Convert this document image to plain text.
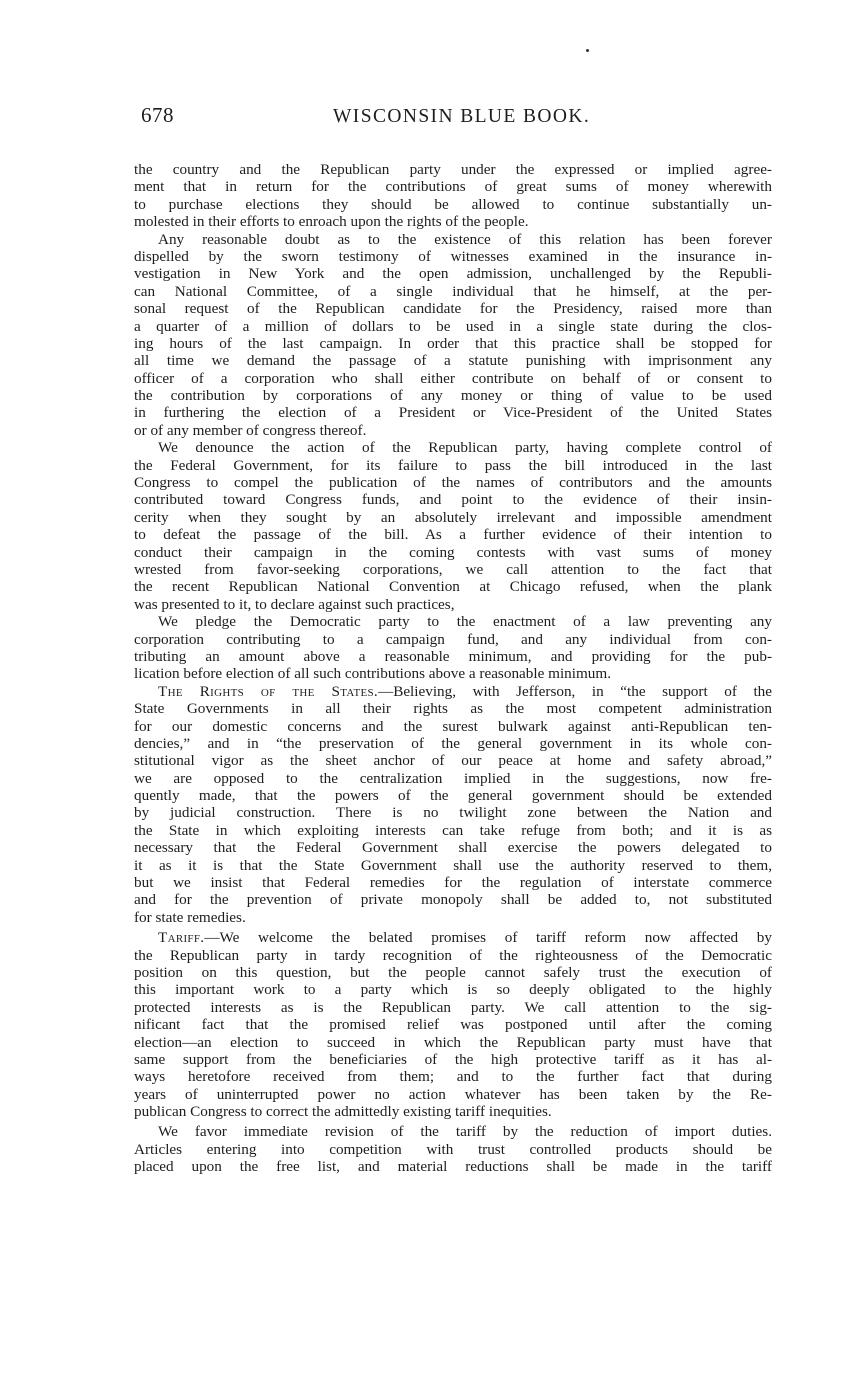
678	WISCONSIN BLUE BOOK.
the country and the Republican party under the expressed or implied agree-
ment that in return for the contributions of great sums of money wherewith
to purchase elections they should be allowed to continue substantially un-
molested in their efforts to enroach upon the rights of the people.
Any reasonable doubt as to the existence of this relation has been forever
dispelled by the sworn testimony of witnesses examined in the insurance in-
vestigation in New York and the open admission, unchallenged by the Republi-
can National Committee, of a single individual that he himself, at the per-
sonal request of the Republican candidate for the Presidency, raised more than
a quarter of a million of dollars to be used in a single state during the clos-
ing hours of the last campaign. In order that this practice shall be stopped for
all time we demand the passage of a statute punishing with imprisonment any
officer of a corporation who shall either contribute on behalf of or consent to
the contribution by corporations of any money or thing of value to be used
in furthering the election of a President or Vice-President of the United States
or of any member of congress thereof.
We denounce the action of the Republican party, having complete control of
the Federal Government, for its failure to pass the bill introduced in the last
Congress to compel the publication of the names of contributors and the amounts
contributed toward Congress funds, and point to the evidence of their insin-
cerity when they sought by an absolutely irrelevant and impossible amendment
to defeat the passage of the bill. As a further evidence of their intention to
conduct their campaign in the coming contests with vast sums of money
wrested from favor-seeking corporations, we call attention to the fact that
the recent Republican National Convention at Chicago refused, when the plank
was presented to it, to declare against such practices,
We pledge the Democratic party to the enactment of a law preventing any
corporation contributing to a campaign fund, and any individual from con-
tributing an amount above a reasonable minimum, and providing for the pub-
lication before election of all such contributions above a reasonable minimum.
The Rights of the States.—Believing, with Jefferson, in “the support of the
State Governments in all their rights as the most competent administration
for our domestic concerns and the surest bulwark against anti-Republican ten-
dencies,” and in “the preservation of the general government in its whole con-
stitutional vigor as the sheet anchor of our peace at home and safety abroad,”
we are opposed to the centralization implied in the suggestions, now fre-
quently made, that the powers of the general government should be extended
by judicial construction. There is no twilight zone between the Nation and
the State in which exploiting interests can take refuge from both; and it is as
necessary that the Federal Government shall exercise the powers delegated to
it as it is that the State Government shall use the authority reserved to them,
but we insist that Federal remedies for the regulation of interstate commerce
and for the prevention of private monopoly shall be added to, not substituted
for state remedies.
Tariff.—We welcome the belated promises of tariff reform now affected by
the Republican party in tardy recognition of the righteousness of the Democratic
position on this question, but the people cannot safely trust the execution of
this important work to a party which is so deeply obligated to the highly
protected interests as is the Republican party. We call attention to the sig-
nificant fact that the promised relief was postponed until after the coming
election—an election to succeed in which the Republican party must have that
same support from the beneficiaries of the high protective tariff as it has al-
ways heretofore received from them; and to the further fact that during
years of uninterrupted power no action whatever has been taken by the Re-
publican Congress to correct the admittedly existing tariff inequities.
We favor immediate revision of the tariff by the reduction of import duties.
Articles entering into competition with trust controlled products should be
placed upon the free list, and material reductions shall be made in the tariff
